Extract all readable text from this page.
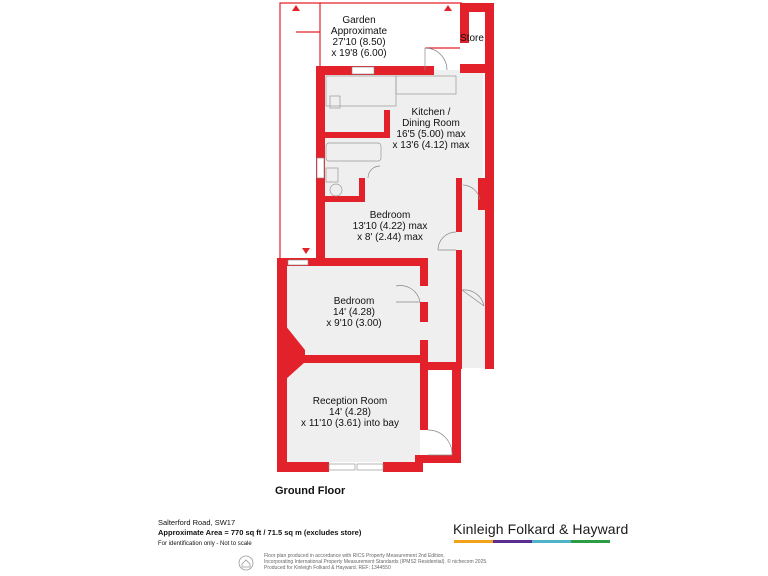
Garden
Approximate
27'10 (8.50)
x 19'8 (6.00)
Store
Kitchen /
Dining Room
16'5 (5.00) max
x 13'6 (4.12) max
Bedroom
13'10 (4.22) max
x 8' (2.44) max
Bedroom
14' (4.28)
x 9'10 (3.00)
Reception Room
14' (4.28)
x 11'10 (3.61) into bay
Ground Floor
Salterford Road, SW17
Approximate Area = 770 sq ft / 71.5 sq m (excludes store)
For identification only - Not to scale
Kinleigh Folkard & Hayward
Floor plan produced in accordance with RICS Property Measurement 2nd Edition,
Incorporating International Property Measurement Standards (IPMS2 Residential). © nichecom 2025.
Produced for Kinleigh Folkard & Hayward. REF: 1344550
